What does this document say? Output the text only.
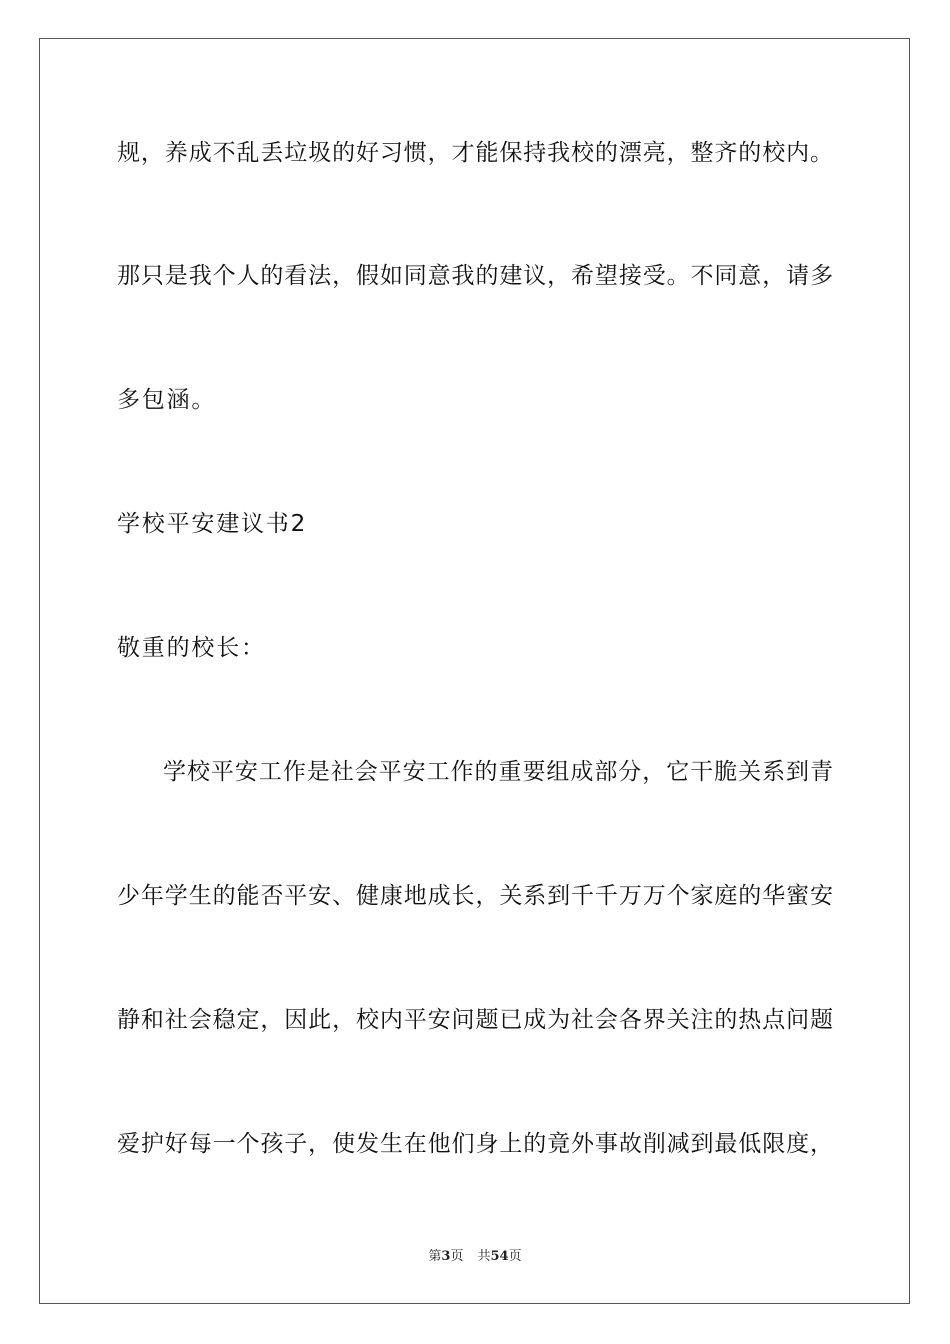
规，养成不乱丢垃圾的好习惯，才能保持我校的漂亮，整齐的校内。
那只是我个人的看法，假如同意我的建议，希望接受。不同意，请多
多包涵。
学校平安建议书2
敬重的校长：
学校平安工作是社会平安工作的重要组成部分，它干脆关系到青
少年学生的能否平安、健康地成长，关系到千千万万个家庭的华蜜安
静和社会稳定，因此，校内平安问题已成为社会各界关注的热点问题
爱护好每一个孩子，使发生在他们身上的竟外事故削减到最低限度，
第3页 共54页
